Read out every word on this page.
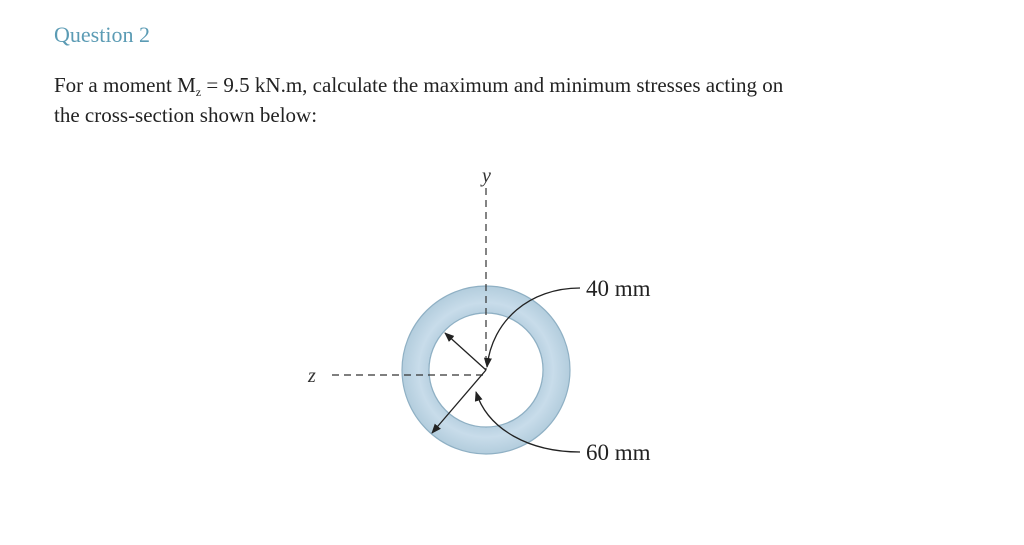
Question 2

For a moment $M_z = 9.5$ kN.m, calculate the maximum and minimum stresses acting on
the cross-section shown below:

y
z
40 mm
60 mm
